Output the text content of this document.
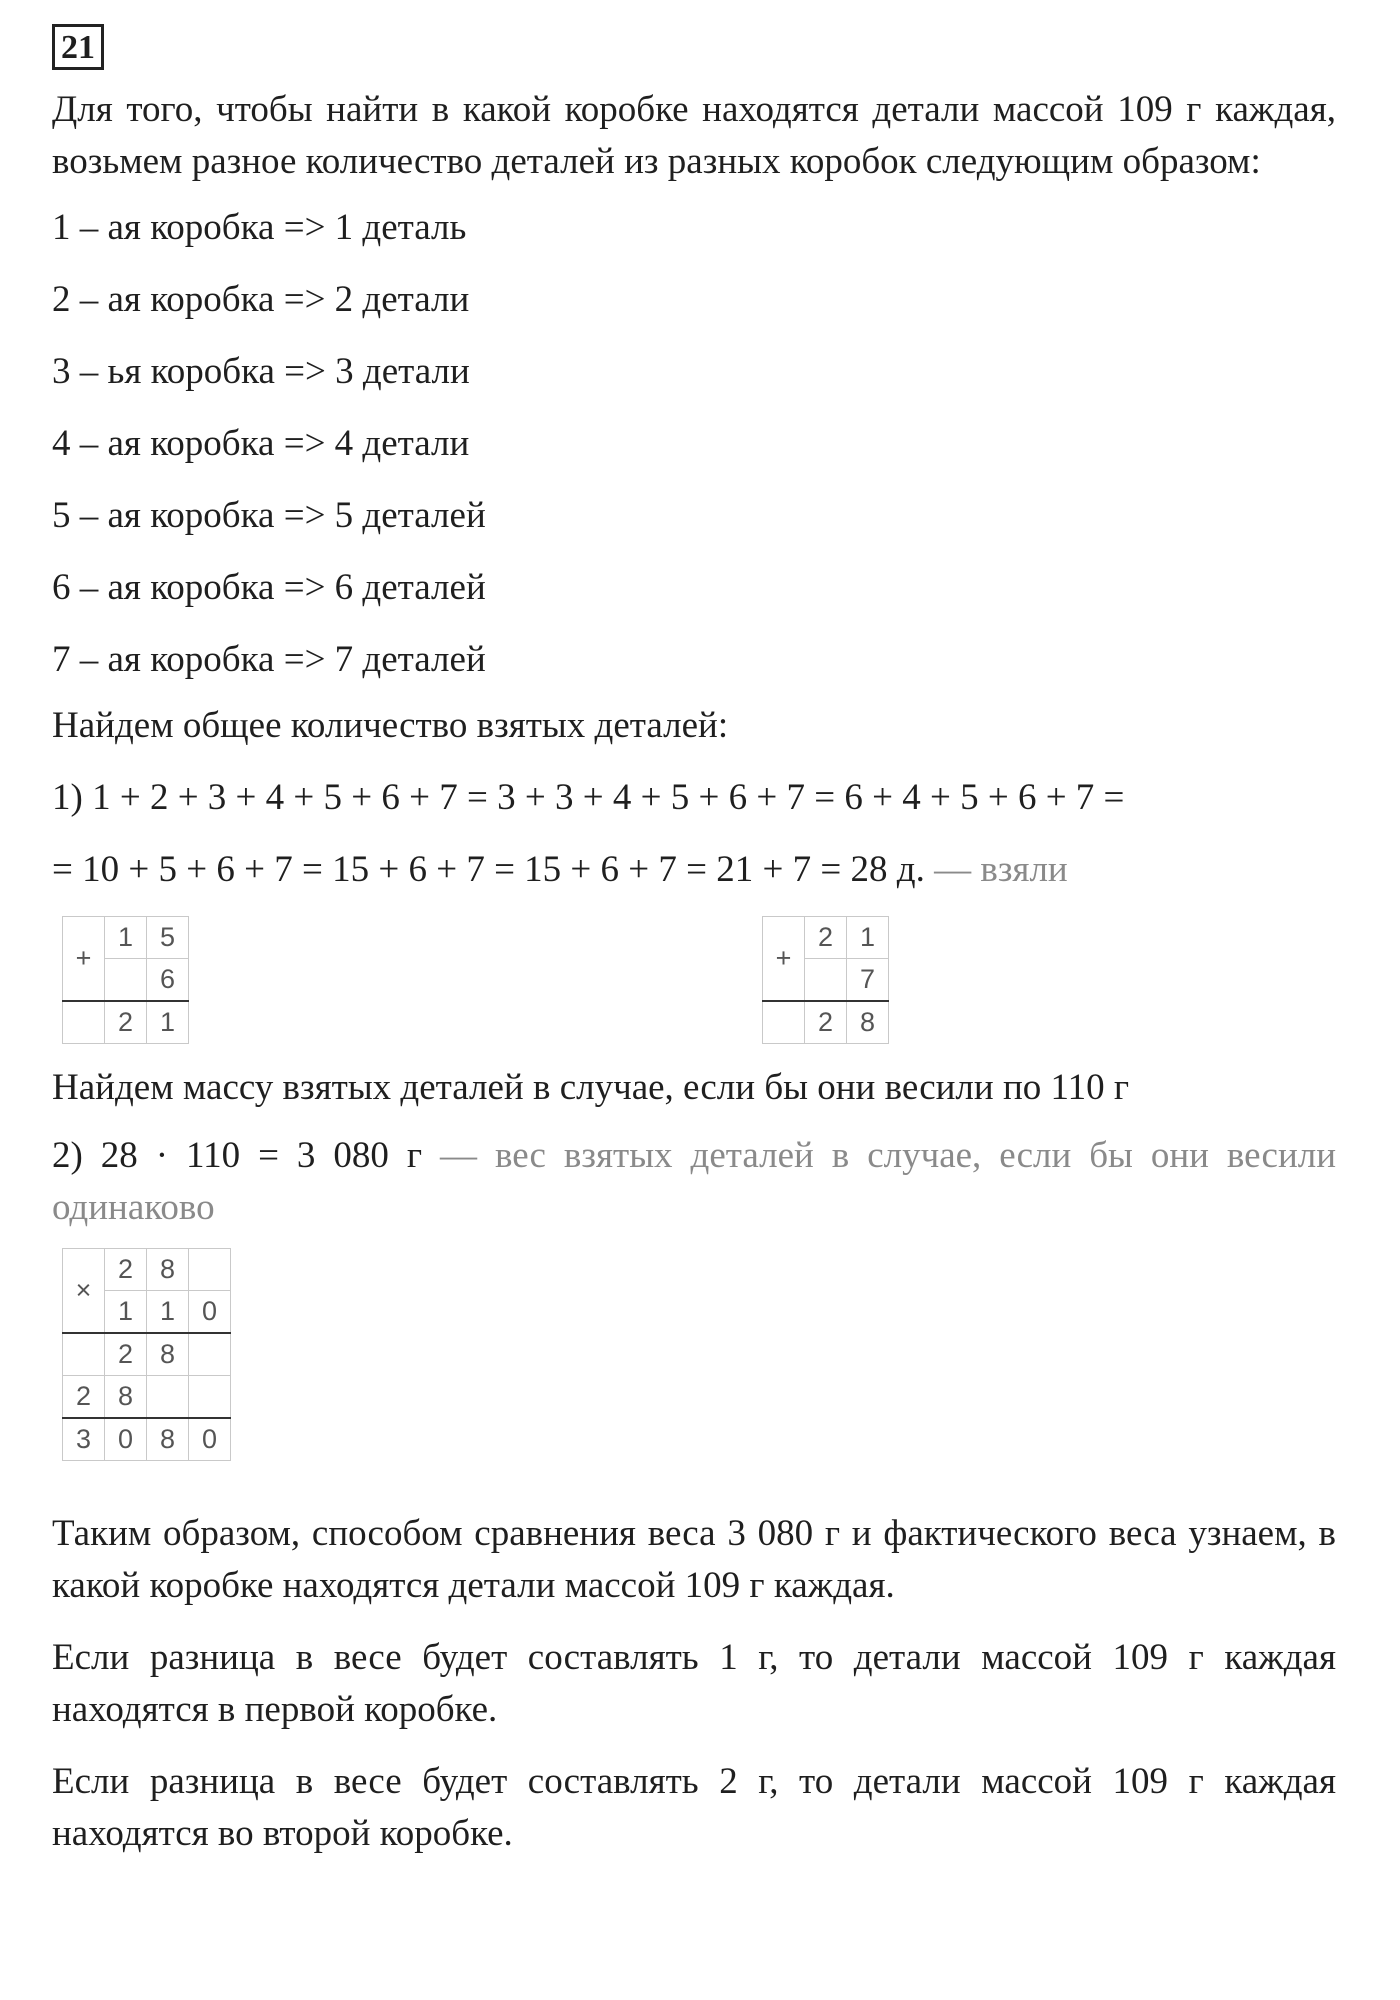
21

Для того, чтобы найти в какой коробке находятся детали массой 109 г каждая, возьмем разное количество деталей из разных коробок следующим образом:

1 – ая коробка => 1 деталь

2 – ая коробка => 2 детали

3 – ья коробка => 3 детали

4 – ая коробка => 4 детали

5 – ая коробка => 5 деталей

6 – ая коробка => 6 деталей

7 – ая коробка => 7 деталей

Найдем общее количество взятых деталей:

1) 1 + 2 + 3 + 4 + 5 + 6 + 7 = 3 + 3 + 4 + 5 + 6 + 7 = 6 + 4 + 5 + 6 + 7 =

= 10 + 5 + 6 + 7 = 15 + 6 + 7 = 15 + 6 + 7 = 21 + 7 = 28 д. — взяли

+	1	5
		6
	2	1
+	2	1
		7
	2	8

Найдем массу взятых деталей в случае, если бы они весили по 110 г

2) 28 · 110 = 3 080 г — вес взятых деталей в случае, если бы они весили одинаково

×	2	8	
	1	1	0
	2	8	
2	8		
3	0	8	0

Таким образом, способом сравнения веса 3 080 г и фактического веса узнаем, в какой коробке находятся детали массой 109 г каждая.

Если разница в весе будет составлять 1 г, то детали массой 109 г каждая находятся в первой коробке.

Если разница в весе будет составлять 2 г, то детали массой 109 г каждая находятся во второй коробке.
